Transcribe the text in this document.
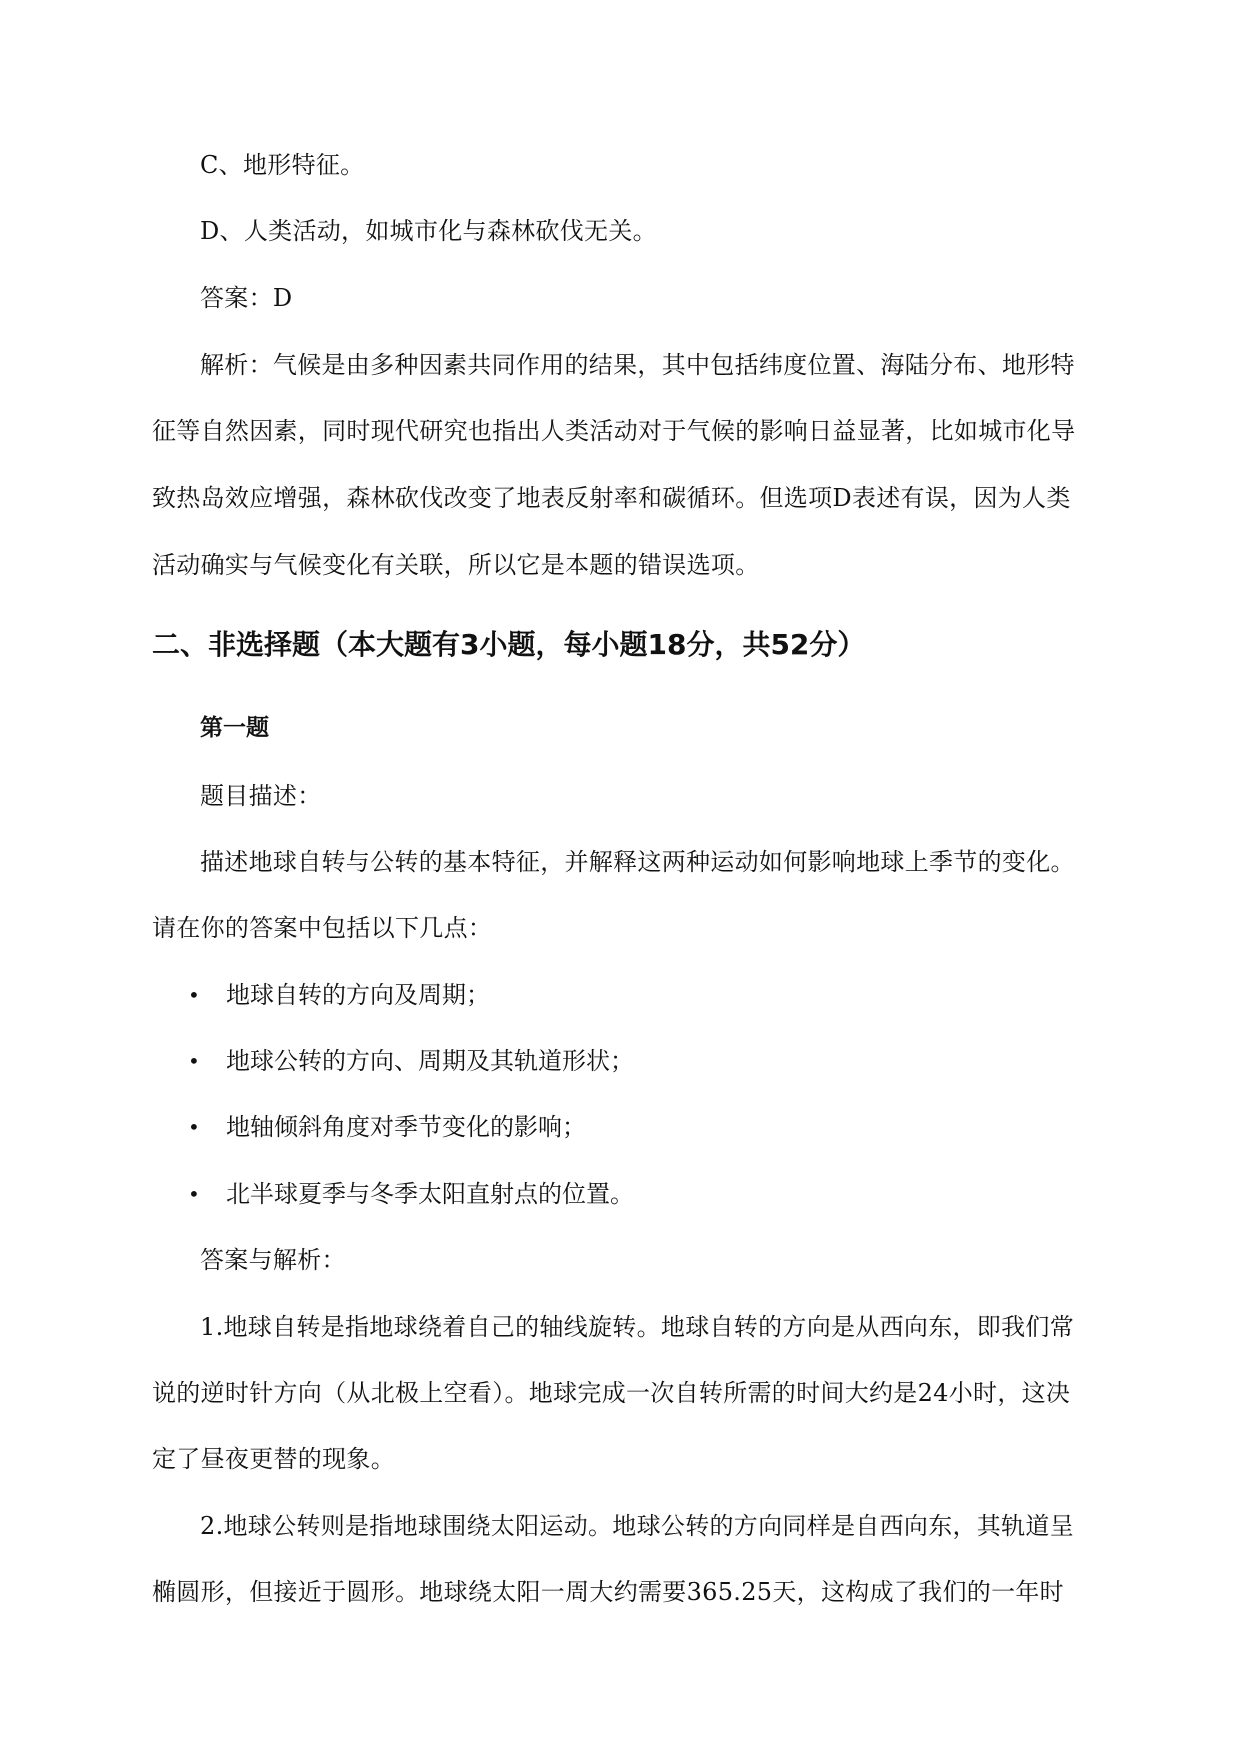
C、地形特征。
D、人类活动，如城市化与森林砍伐无关。
答案：D
解析：气候是由多种因素共同作用的结果，其中包括纬度位置、海陆分布、地形特
征等自然因素，同时现代研究也指出人类活动对于气候的影响日益显著，比如城市化导
致热岛效应增强，森林砍伐改变了地表反射率和碳循环。但选项D表述有误，因为人类
活动确实与气候变化有关联，所以它是本题的错误选项。
二、非选择题（本大题有3小题，每小题18分，共52分）
第一题
题目描述：
描述地球自转与公转的基本特征，并解释这两种运动如何影响地球上季节的变化。
请在你的答案中包括以下几点：
• 地球自转的方向及周期；
• 地球公转的方向、周期及其轨道形状；
• 地轴倾斜角度对季节变化的影响；
• 北半球夏季与冬季太阳直射点的位置。
答案与解析：
1.地球自转是指地球绕着自己的轴线旋转。地球自转的方向是从西向东，即我们常
说的逆时针方向（从北极上空看）。地球完成一次自转所需的时间大约是24小时，这决
定了昼夜更替的现象。
2.地球公转则是指地球围绕太阳运动。地球公转的方向同样是自西向东，其轨道呈
椭圆形，但接近于圆形。地球绕太阳一周大约需要365.25天，这构成了我们的一年时
